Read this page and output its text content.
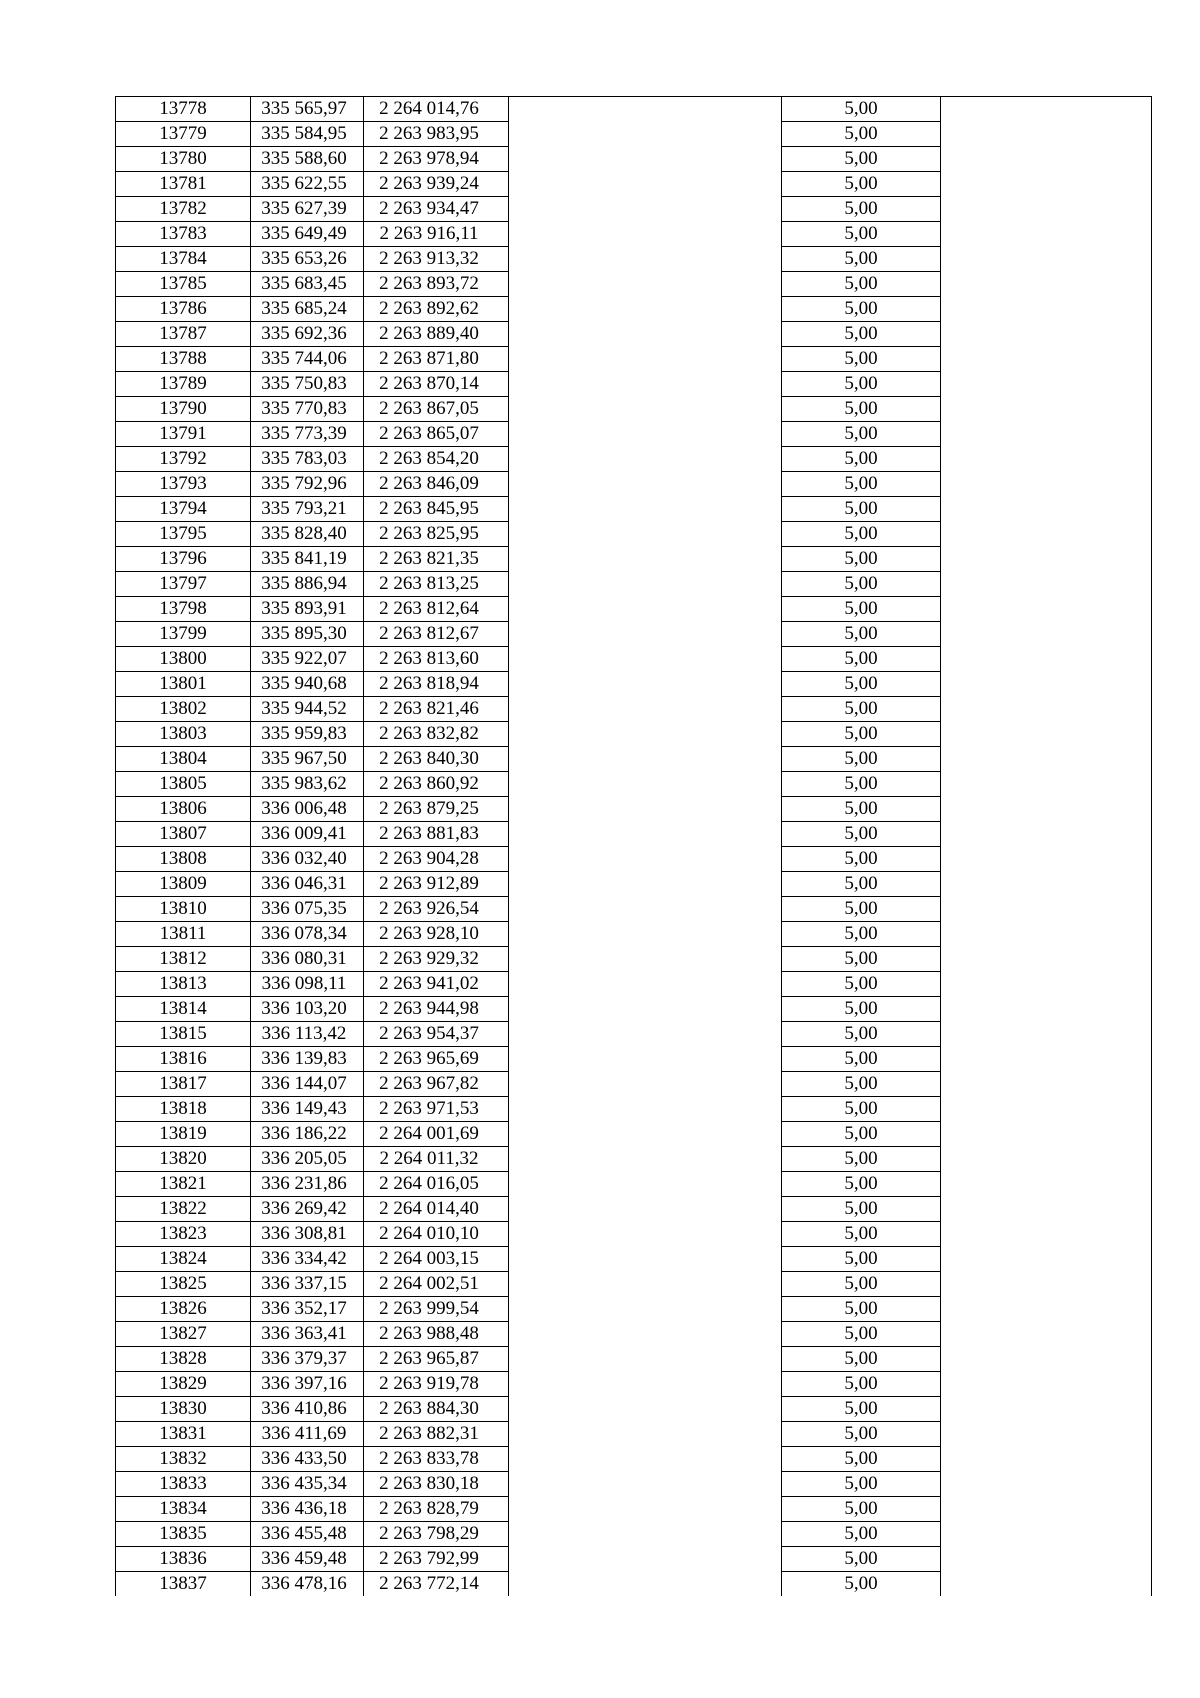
13778	335 565,97	2 264 014,76		5,00	
13779	335 584,95	2 263 983,95		5,00	
13780	335 588,60	2 263 978,94		5,00	
13781	335 622,55	2 263 939,24		5,00	
13782	335 627,39	2 263 934,47		5,00	
13783	335 649,49	2 263 916,11		5,00	
13784	335 653,26	2 263 913,32		5,00	
13785	335 683,45	2 263 893,72		5,00	
13786	335 685,24	2 263 892,62		5,00	
13787	335 692,36	2 263 889,40		5,00	
13788	335 744,06	2 263 871,80		5,00	
13789	335 750,83	2 263 870,14		5,00	
13790	335 770,83	2 263 867,05		5,00	
13791	335 773,39	2 263 865,07		5,00	
13792	335 783,03	2 263 854,20		5,00	
13793	335 792,96	2 263 846,09		5,00	
13794	335 793,21	2 263 845,95		5,00	
13795	335 828,40	2 263 825,95		5,00	
13796	335 841,19	2 263 821,35		5,00	
13797	335 886,94	2 263 813,25		5,00	
13798	335 893,91	2 263 812,64		5,00	
13799	335 895,30	2 263 812,67		5,00	
13800	335 922,07	2 263 813,60		5,00	
13801	335 940,68	2 263 818,94		5,00	
13802	335 944,52	2 263 821,46		5,00	
13803	335 959,83	2 263 832,82		5,00	
13804	335 967,50	2 263 840,30		5,00	
13805	335 983,62	2 263 860,92		5,00	
13806	336 006,48	2 263 879,25		5,00	
13807	336 009,41	2 263 881,83		5,00	
13808	336 032,40	2 263 904,28		5,00	
13809	336 046,31	2 263 912,89		5,00	
13810	336 075,35	2 263 926,54		5,00	
13811	336 078,34	2 263 928,10		5,00	
13812	336 080,31	2 263 929,32		5,00	
13813	336 098,11	2 263 941,02		5,00	
13814	336 103,20	2 263 944,98		5,00	
13815	336 113,42	2 263 954,37		5,00	
13816	336 139,83	2 263 965,69		5,00	
13817	336 144,07	2 263 967,82		5,00	
13818	336 149,43	2 263 971,53		5,00	
13819	336 186,22	2 264 001,69		5,00	
13820	336 205,05	2 264 011,32		5,00	
13821	336 231,86	2 264 016,05		5,00	
13822	336 269,42	2 264 014,40		5,00	
13823	336 308,81	2 264 010,10		5,00	
13824	336 334,42	2 264 003,15		5,00	
13825	336 337,15	2 264 002,51		5,00	
13826	336 352,17	2 263 999,54		5,00	
13827	336 363,41	2 263 988,48		5,00	
13828	336 379,37	2 263 965,87		5,00	
13829	336 397,16	2 263 919,78		5,00	
13830	336 410,86	2 263 884,30		5,00	
13831	336 411,69	2 263 882,31		5,00	
13832	336 433,50	2 263 833,78		5,00	
13833	336 435,34	2 263 830,18		5,00	
13834	336 436,18	2 263 828,79		5,00	
13835	336 455,48	2 263 798,29		5,00	
13836	336 459,48	2 263 792,99		5,00	
13837	336 478,16	2 263 772,14		5,00	
